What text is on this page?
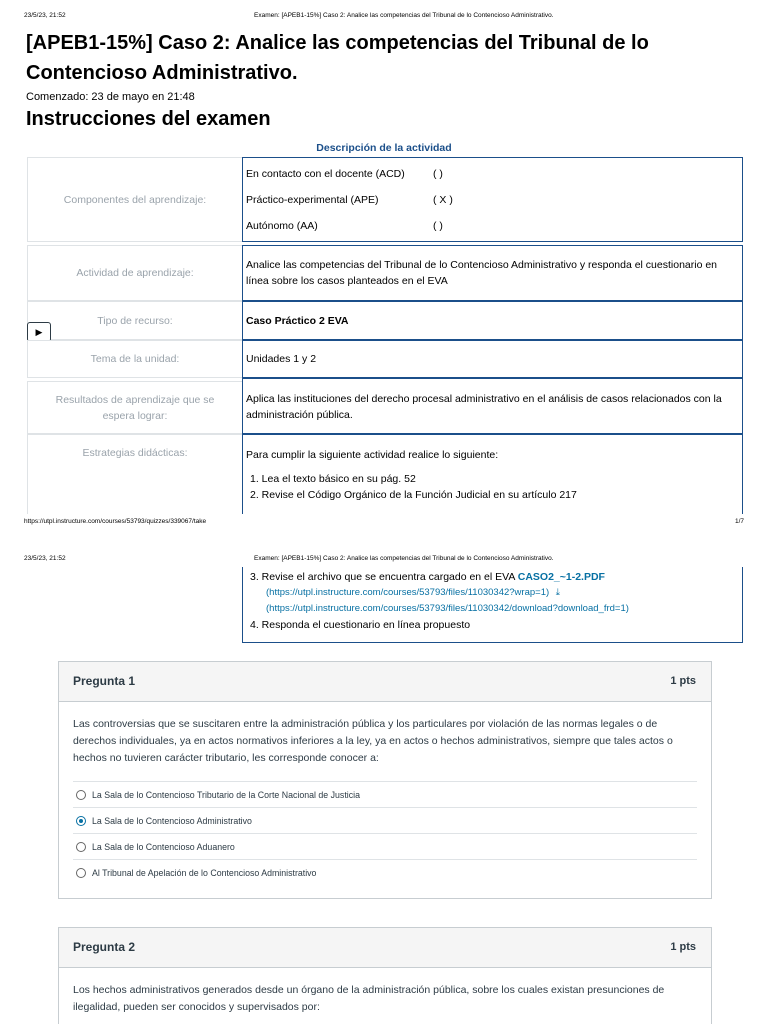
23/5/23, 21:52	Examen: [APEB1-15%] Caso 2: Analice las competencias del Tribunal de lo Contencioso Administrativo.
[APEB1-15%] Caso 2: Analice las competencias del Tribunal de lo
Contencioso Administrativo.
Comenzado: 23 de mayo en 21:48
Instrucciones del examen
Descripción de la actividad
Componentes del aprendizaje:
En contacto con el docente (ACD)	( )
Práctico-experimental (APE)	( X )
Autónomo (AA)	( )
Actividad de aprendizaje:
Analice las competencias del Tribunal de lo Contencioso Administrativo y responda el cuestionario en línea sobre los casos planteados en el EVA
Tipo de recurso:	Caso Práctico 2 EVA
▶
Tema de la unidad:	Unidades 1 y 2
Resultados de aprendizaje que se espera lograr:
Aplica las instituciones del derecho procesal administrativo en el análisis de casos relacionados con la administración pública.
Estrategias didácticas:	Para cumplir la siguiente actividad realice lo siguiente:
1. Lea el texto básico en su pág. 52
2. Revise el Código Orgánico de la Función Judicial en su artículo 217
https://utpl.instructure.com/courses/53793/quizzes/339067/take	1/7
23/5/23, 21:52	Examen: [APEB1-15%] Caso 2: Analice las competencias del Tribunal de lo Contencioso Administrativo.
3. Revise el archivo que se encuentra cargado en el EVA CASO2_~1-2.PDF
(https://utpl.instructure.com/courses/53793/files/11030342?wrap=1) ⤓
(https://utpl.instructure.com/courses/53793/files/11030342/download?download_frd=1)
4. Responda el cuestionario en línea propuesto
Pregunta 1	1 pts
Las controversias que se suscitaren entre la administración pública y los particulares por violación de las normas legales o de derechos individuales, ya en actos normativos inferiores a la ley, ya en actos o hechos administrativos, siempre que tales actos o hechos no tuvieren carácter tributario, les corresponde conocer a:
La Sala de lo Contencioso Tributario de la Corte Nacional de Justicia
La Sala de lo Contencioso Administrativo
La Sala de lo Contencioso Aduanero
Al Tribunal de Apelación de lo Contencioso Administrativo
Pregunta 2	1 pts
Los hechos administrativos generados desde un órgano de la administración pública, sobre los cuales existan presunciones de ilegalidad, pueden ser conocidos y supervisados por:
